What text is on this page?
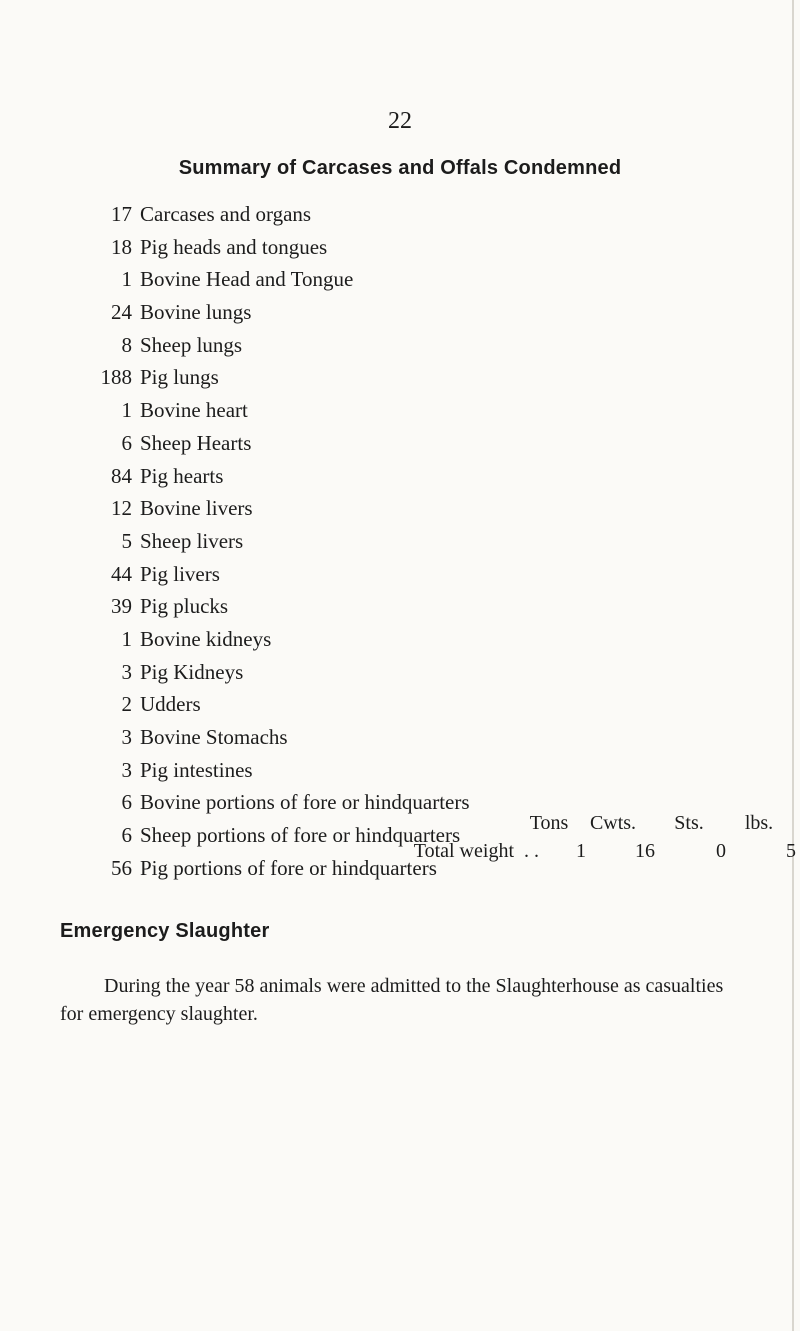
22
Summary of Carcases and Offals Condemned
17 Carcases and organs
18 Pig heads and tongues
1 Bovine Head and Tongue
24 Bovine lungs
8 Sheep lungs
188 Pig lungs
1 Bovine heart
6 Sheep Hearts
84 Pig hearts
12 Bovine livers
5 Sheep livers
44 Pig livers
39 Pig plucks
1 Bovine kidneys
3 Pig Kidneys
2 Udders
3 Bovine Stomachs
3 Pig intestines
6 Bovine portions of fore or hindquarters
6 Sheep portions of fore or hindquarters
56 Pig portions of fore or hindquarters
Tons Cwts. Sts. lbs.
Total weight . . 1 16	0	5
Emergency Slaughter

During the year 58 animals were admitted to the Slaughterhouse as casualties for emergency slaughter.
